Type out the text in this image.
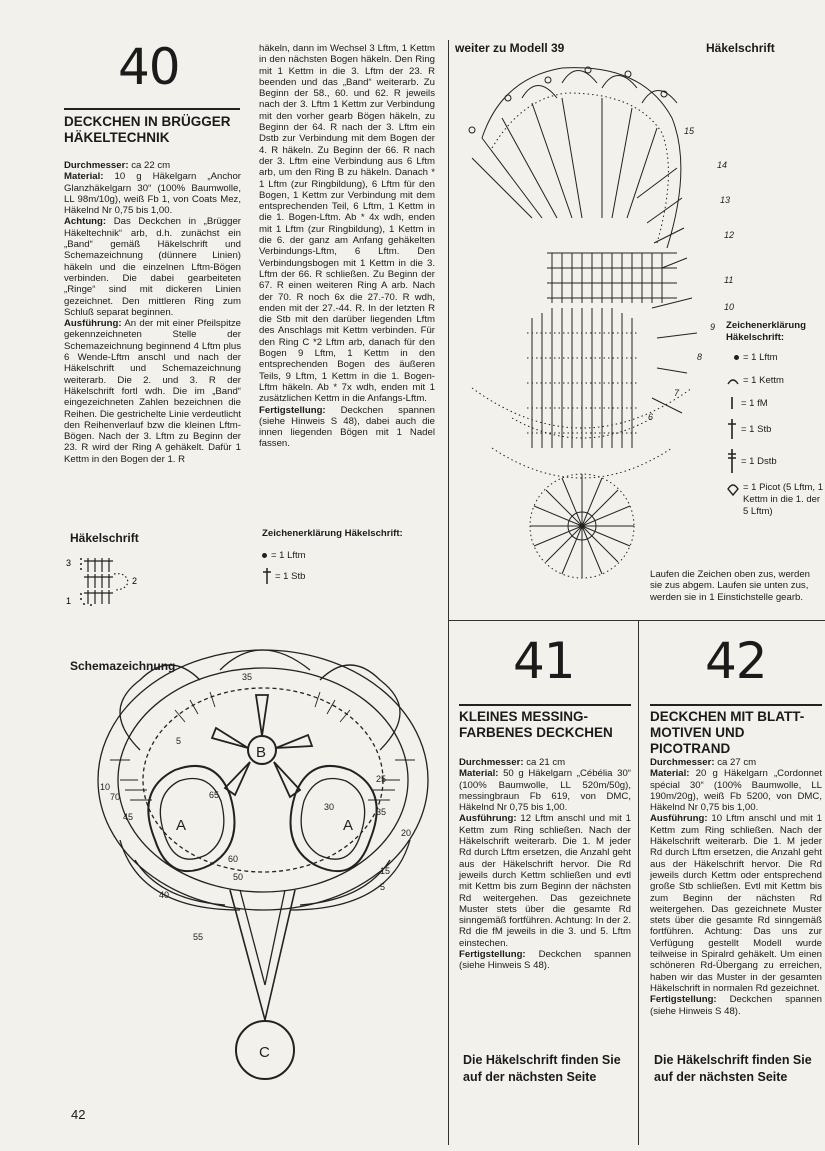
40
DECKCHEN IN BRÜGGER HÄKELTECHNIK
Durchmesser: ca 22 cm
Material: 10 g Häkelgarn „Anchor Glanzhäkelgarn 30“ (100% Baumwolle, LL 98m/10g), weiß Fb 1, von Coats Mez, Häkelnd Nr 0,75 bis 1,00.
Achtung: Das Deckchen in „Brügger Häkeltechnik“ arb, d.h. zunächst ein „Band“ gemäß Häkelschrift und Schemazeichnung (dünnere Linien) häkeln und die einzelnen Lftm-Bögen verbinden. Die dabei gearbeiteten „Ringe“ sind mit dickeren Linien gezeichnet. Den mittleren Ring zum Schluß separat beginnen.
Ausführung: An der mit einer Pfeilspitze gekennzeichneten Stelle der Schemazeichnung beginnend 4 Lftm plus 6 Wende-Lftm anschl und nach der Häkelschrift und Schemazeichnung weiterarb. Die 2. und 3. R der Häkelschrift fortl wdh. Die im „Band“ eingezeichneten Zahlen bezeichnen die Reihen. Die gestrichelte Linie verdeutlicht den Reihenverlauf bzw die kleinen Lftm-Bögen. Nach der 3. Lftm zu Beginn der 23. R wird der Ring A gehäkelt. Dafür 1 Kettm in den Bogen der 1. R
häkeln, dann im Wechsel 3 Lftm, 1 Kettm in den nächsten Bogen häkeln. Den Ring mit 1 Kettm in die 3. Lftm der 23. R beenden und das „Band“ weiterarb. Zu Beginn der 58., 60. und 62. R jeweils nach der 3. Lftm 1 Kettm zur Verbindung mit den vorher gearb Bögen häkeln, zu Beginn der 64. R nach der 3. Lftm ein Dstb zur Verbindung mit dem Bogen der 4. R häkeln. Zu Beginn der 66. R nach der 3. Lftm eine Verbindung aus 6 Lftm arb, um den Ring B zu häkeln. Danach * 1 Lftm (zur Ringbildung), 6 Lftm für den Bogen, 1 Kettm zur Verbindung mit dem entsprechenden Teil, 6 Lftm, 1 Kettm in die 1. Bogen-Lftm. Ab * 4x wdh, enden mit 1 Lftm (zur Ringbildung), 1 Kettm in die 6. der ganz am Anfang gehäkelten Verbindungs-Lftm, 6 Lftm. Den Verbindungsbogen mit 1 Kettm in die 3. Lftm der 66. R schließen. Zu Beginn der 67. R einen weiteren Ring A arb. Nach der 70. R noch 6x die 27.-70. R wdh, enden mit der 27.-44. R. In der letzten R die Stb mit den darüber liegenden Lftm des Anschlags mit Kettm verbinden. Für den Ring C *2 Lftm arb, danach für den Bogen 9 Lftm, 1 Kettm in den entsprechenden Bogen des äußeren Teils, 9 Lftm, 1 Kettm in die 1. Bogen-Lftm häkeln. Ab * 7x wdh, enden mit 1 zusätzlichen Kettm in die Anfangs-Lftm.
Fertigstellung: Deckchen spannen (siehe Hinweis S 48), dabei auch die innen liegenden Bögen mit 1 Nadel fassen.
Häkelschrift
3
2
1
Zeichenerklärung Häkelschrift:
= 1 Lftm
= 1 Stb
Schemazeichnung
A	A
B
C
35
25
20
10
15
5
30
70
60
65
45
40
50
55
35
5
42
weiter zu Modell 39	Häkelschrift
15
14
13
12
11
10
9
8
7
6
Zeichenerklärung Häkelschrift:
= 1 Lftm
= 1 Kettm
= 1 fM
= 1 Stb
= 1 Dstb
= 1 Picot (5 Lftm, 1 Kettm in die 1. der 5 Lftm)
Laufen die Zeichen oben zus, werden sie zus abgem. Laufen sie unten zus, werden sie in 1 Einstichstelle gearb.
41
KLEINES MESSING-FARBENES DECKCHEN
Durchmesser: ca 21 cm
Material: 50 g Häkelgarn „Cébélia 30“ (100% Baumwolle, LL 520m/50g), messingbraun Fb 619, von DMC, Häkelnd Nr 0,75 bis 1,00.
Ausführung: 12 Lftm anschl und mit 1 Kettm zum Ring schließen. Nach der Häkelschrift weiterarb. Die 1. M jeder Rd durch Lftm ersetzen, die Anzahl geht aus der Häkelschrift hervor. Die Rd jeweils durch Kettm schließen und evtl mit Kettm bis zum Beginn der nächsten Rd weitergehen. Das gezeichnete Muster stets über die gesamte Rd sinngemäß fortführen. Achtung: In der 2. Rd die fM jeweils in die 3. und 5. Lftm einstechen.
Fertigstellung: Deckchen spannen (siehe Hinweis S 48).
Die Häkelschrift finden Sie auf der nächsten Seite
42
DECKCHEN MIT BLATT-MOTIVEN UND PICOTRAND
Durchmesser: ca 27 cm
Material: 20 g Häkelgarn „Cordonnet spécial 30“ (100% Baumwolle, LL 190m/20g), weiß Fb 5200, von DMC, Häkelnd Nr 0,75 bis 1,00.
Ausführung: 10 Lftm anschl und mit 1 Kettm zum Ring schließen. Nach der Häkelschrift weiterarb. Die 1. M jeder Rd durch Lftm ersetzen, die Anzahl geht aus der Häkelschrift hervor. Die Rd jeweils durch Kettm oder entsprechend große Stb schließen. Evtl mit Kettm bis zum Beginn der nächsten Rd weitergehen. Das gezeichnete Muster stets über die gesamte Rd sinngemäß fortführen. Achtung: Das uns zur Verfügung gestellt Modell wurde teilweise in Spiralrd gehäkelt. Um einen schöneren Rd-Übergang zu erreichen, haben wir das Muster in der gesamten Häkelschrift in normalen Rd gezeichnet.
Fertigstellung: Deckchen spannen (siehe Hinweis S 48).
Die Häkelschrift finden Sie auf der nächsten Seite
